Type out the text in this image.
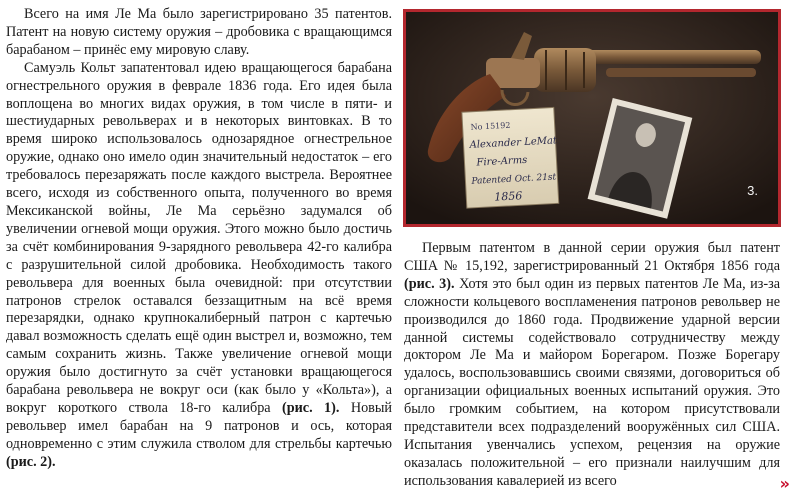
Всего на имя Ле Ма было зарегистрировано 35 патентов. Патент на новую систему оружия – дробовика с вращающимся барабаном – принёс ему мировую славу.

Самуэль Кольт запатентовал идею вращающегося барабана огнестрельного оружия в феврале 1836 года. Его идея была воплощена во многих видах оружия, в том числе в пяти- и шестиударных револьверах и в некоторых винтовках. В то время широко использовалось однозарядное огнестрельное оружие, однако оно имело один значительный недостаток – его требовалось перезаряжать после каждого выстрела. Вероятнее всего, исходя из собственного опыта, полученного во время Мексиканской войны, Ле Ма серьёзно задумался об увеличении огневой мощи оружия. Этого можно было достичь за счёт комбинирования 9-зарядного револьвера 42-го калибра с разрушительной силой дробовика. Необходимость такого револьвера для военных была очевидной: при отсутствии патронов стрелок оставался беззащитным на всё время перезарядки, однако крупнокалиберный патрон с картечью давал возможность сделать ещё один выстрел и, возможно, тем самым сохранить жизнь. Также увеличение огневой мощи оружия было достигнуто за счёт установки вращающегося барабана револьвера не вокруг оси (как было у «Кольта»), а вокруг короткого ствола 18-го калибра (рис. 1). Новый револьвер имел барабан на 9 патронов и ось, которая одновременно с этим служила стволом для стрельбы картечью (рис. 2).

No 15192
Alexander LeMat
Fire-Arms
Patented Oct. 21st
1856	3.

Первым патентом в данной серии оружия был патент США № 15,192, зарегистрированный 21 Октября 1856 года (рис. 3). Хотя это был один из первых патентов Ле Ма, из-за сложности кольцевого воспламенения патронов револьвер не производился до 1860 года. Продвижение ударной версии данной системы содействовало сотрудничеству между доктором Ле Ма и майором Борегаром. Позже Борегару удалось, воспользовавшись своими связями, договориться об организации официальных военных испытаний оружия. Это было громким событием, на котором присутствовали представители всех подразделений вооружённых сил США. Испытания увенчались успехом, рецензия на оружие оказалась положительной – его признали наилучшим для использования кавалерией из всего	»
